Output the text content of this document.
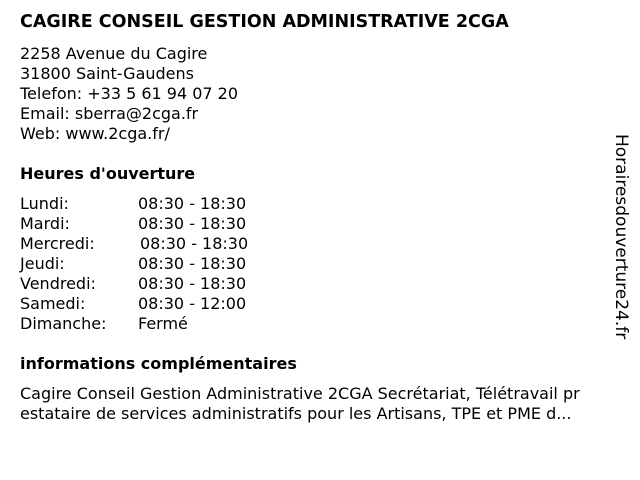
CAGIRE CONSEIL GESTION ADMINISTRATIVE 2CGA
2258 Avenue du Cagire
31800 Saint-Gaudens
Telefon: +33 5 61 94 07 20
Email: sberra@2cga.fr
Web: www.2cga.fr/
Heures d'ouverture
Lundi:	08:30 - 18:30
Mardi:	08:30 - 18:30
Mercredi:	08:30 - 18:30
Jeudi:	08:30 - 18:30
Vendredi:	08:30 - 18:30
Samedi:	08:30 - 12:00
Dimanche: Fermé
informations complémentaires
Cagire Conseil Gestion Administrative 2CGA Secrétariat, Télétravail pr
estataire de services administratifs pour les Artisans, TPE et PME d...
Horairesdouverture24.fr
